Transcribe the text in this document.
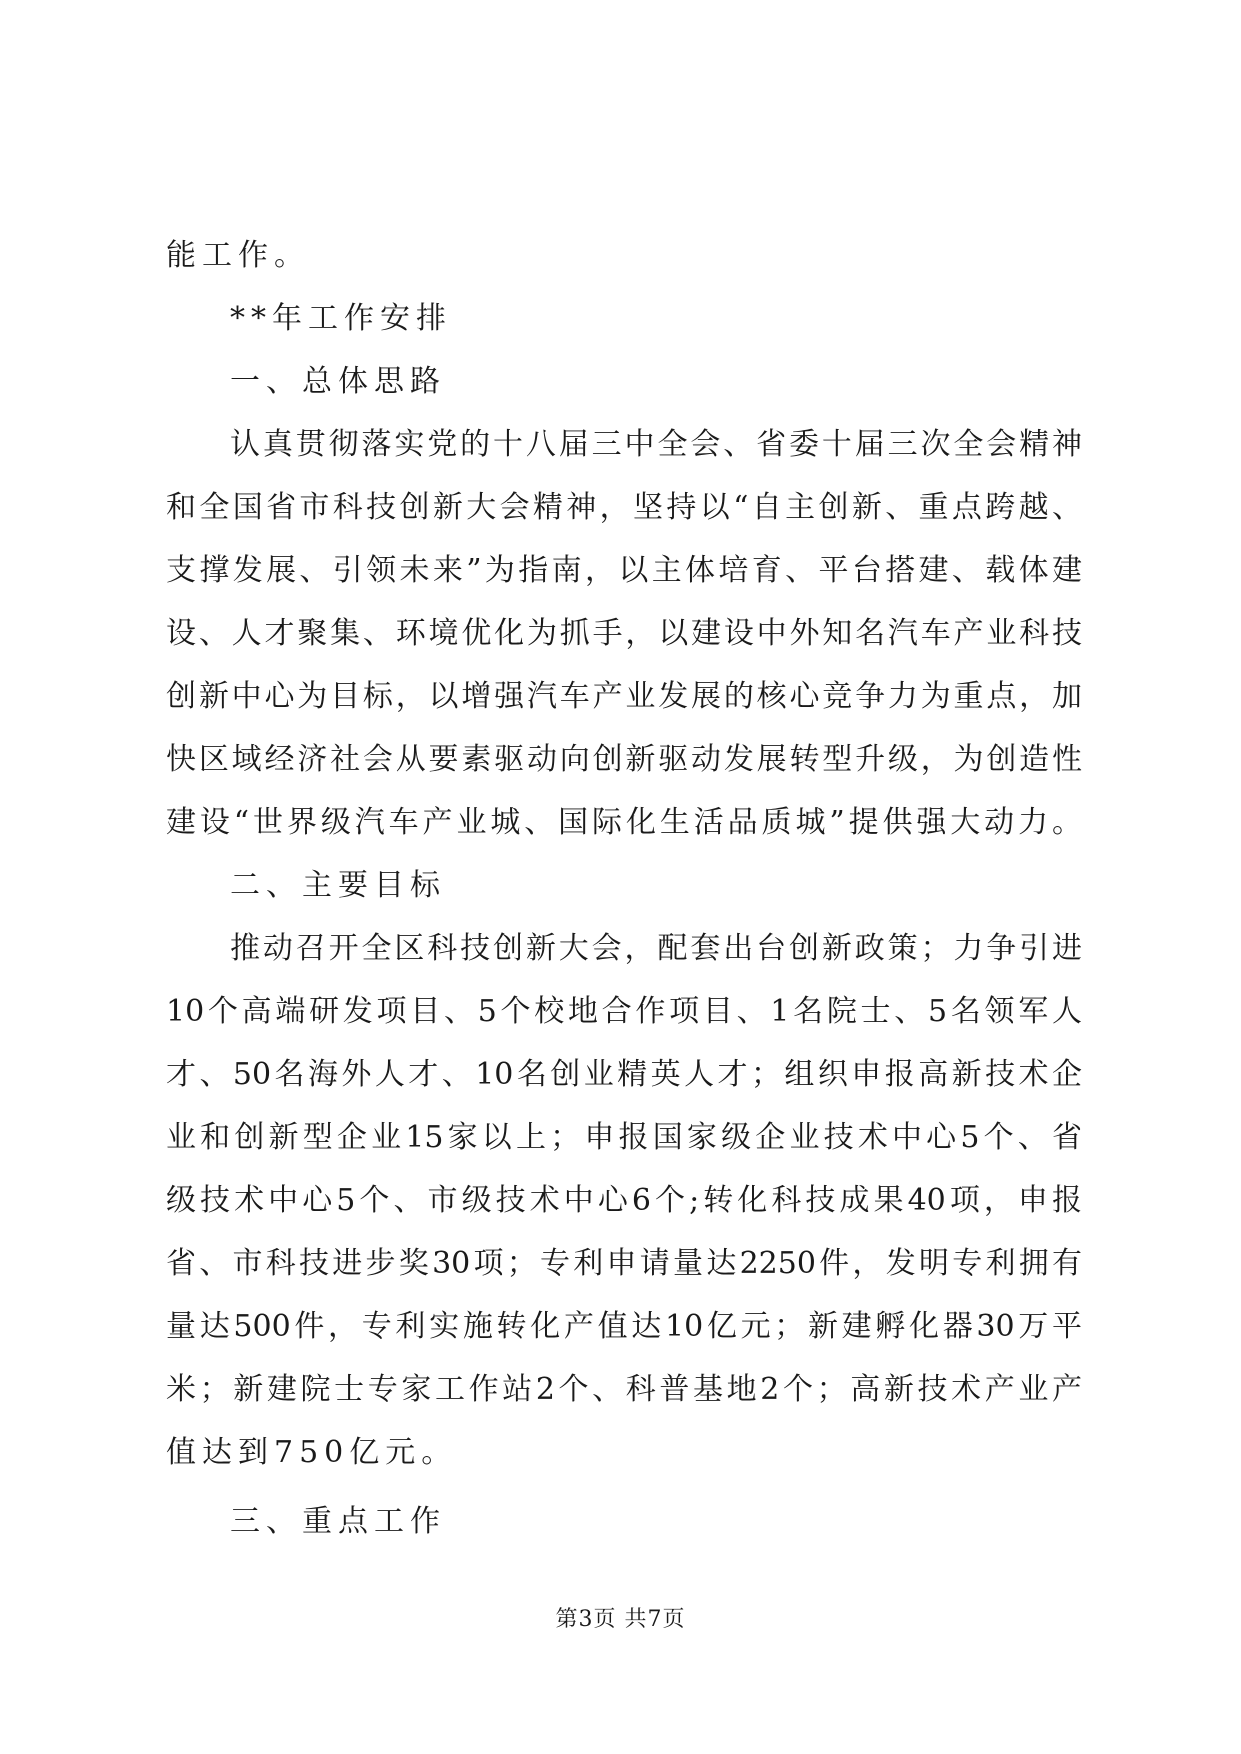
能工作。
**年工作安排
一、总体思路
认真贯彻落实党的十八届三中全会、省委十届三次全会精神
和全国省市科技创新大会精神，坚持以“自主创新、重点跨越、
支撑发展、引领未来”为指南，以主体培育、平台搭建、载体建
设、人才聚集、环境优化为抓手，以建设中外知名汽车产业科技
创新中心为目标，以增强汽车产业发展的核心竞争力为重点，加
快区域经济社会从要素驱动向创新驱动发展转型升级，为创造性
建设“世界级汽车产业城、国际化生活品质城”提供强大动力。
二、主要目标
推动召开全区科技创新大会，配套出台创新政策；力争引进
10个高端研发项目、5个校地合作项目、1名院士、5名领军人
才、50名海外人才、10名创业精英人才；组织申报高新技术企
业和创新型企业15家以上；申报国家级企业技术中心5个、省
级技术中心5个、市级技术中心6个;转化科技成果40项，申报
省、市科技进步奖30项；专利申请量达2250件，发明专利拥有
量达500件，专利实施转化产值达10亿元；新建孵化器30万平
米；新建院士专家工作站2个、科普基地2个；高新技术产业产
值达到750亿元。
三、重点工作
第3页 共7页
